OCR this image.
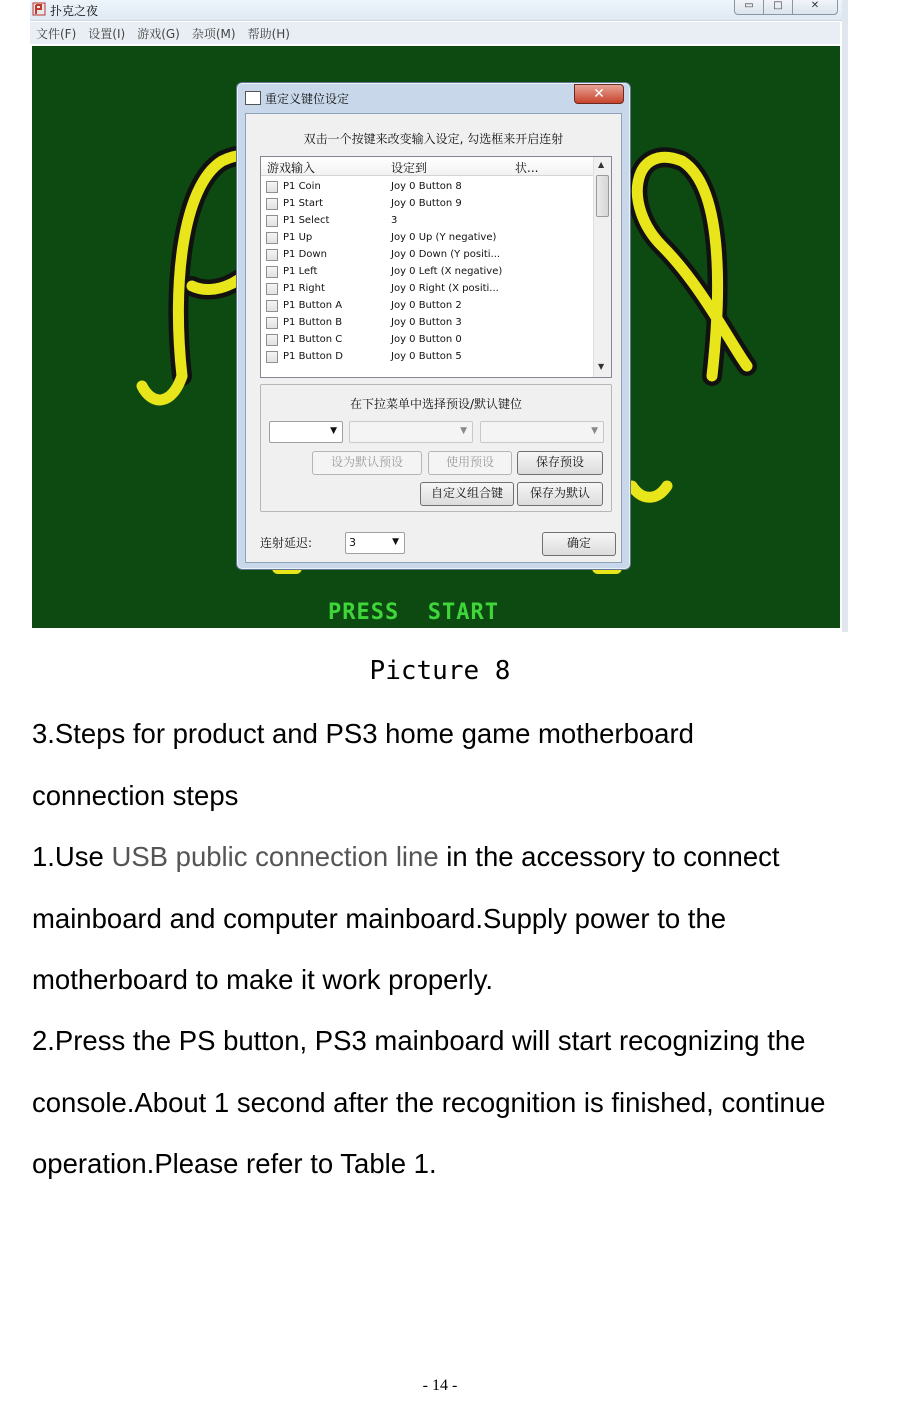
扑克之夜	▭	□	✕
文件(F) 设置(I) 游戏(G) 杂项(M) 帮助(H)
PRESS  START
重定义键位设定	✕
双击一个按键来改变输入设定, 勾选框来开启连射
游戏输入	设定到	状...
P1 Coin	Joy 0 Button 8
P1 Start	Joy 0 Button 9
P1 Select	3
P1 Up	Joy 0 Up (Y negative)
P1 Down	Joy 0 Down (Y positi...
P1 Left	Joy 0 Left (X negative)
P1 Right	Joy 0 Right (X positi...
P1 Button A	Joy 0 Button 2
P1 Button B	Joy 0 Button 3
P1 Button C	Joy 0 Button 0
P1 Button D	Joy 0 Button 5
▲
▼
在下拉菜单中选择预设/默认键位
▼	▼	▼
设为默认预设	使用预设	保存预设
自定义组合键	保存为默认
连射延迟:	3	▼	确定
Picture 8

3.Steps for product and PS3 home game motherboard
connection steps

1.Use USB public connection line in the accessory to connect mainboard and computer mainboard.Supply power to the motherboard to make it work properly.

2.Press the PS button, PS3 mainboard will start recognizing the console.About 1 second after the recognition is finished, continue operation.Please refer to Table 1.

- 14 -
